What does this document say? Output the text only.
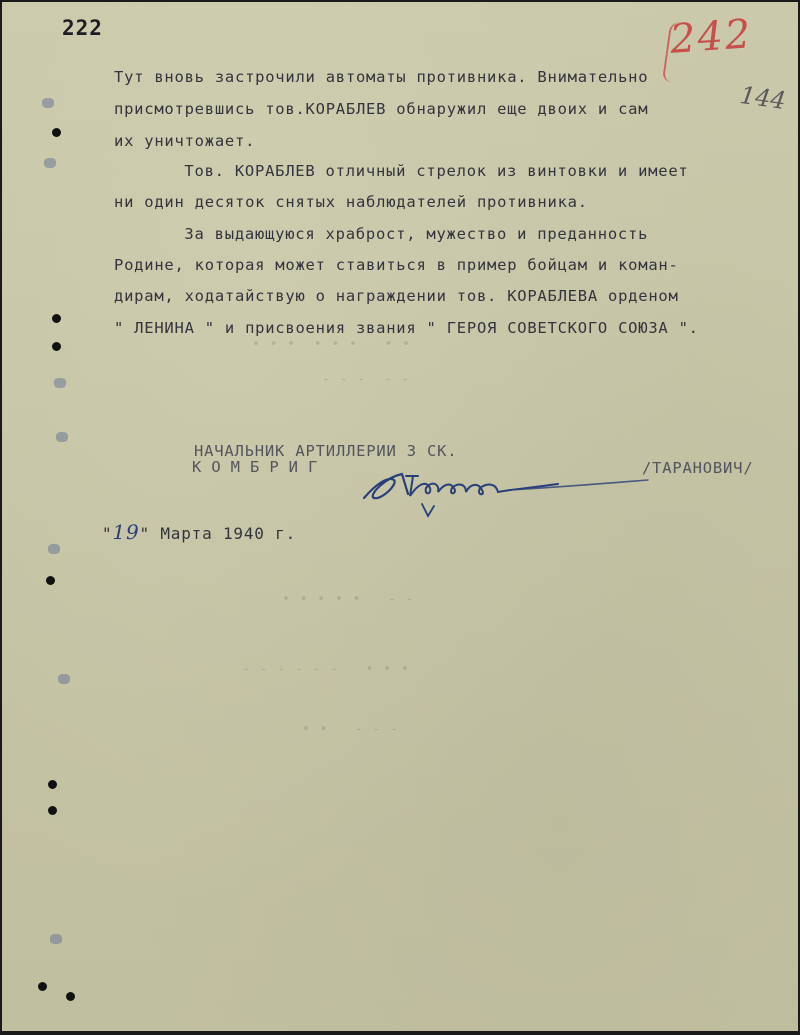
222	242
144
Тут вновь застрочили автоматы противника. Внимательно
присмотревшись тов.КОРАБЛЕВ обнаружил еще двоих и сам
их уничтожает.
Тов. КОРАБЛЕВ отличный стрелок из винтовки и имеет
ни один десяток снятых наблюдателей противника.
За выдающуюся храброст, мужество и преданность
Родине, которая может ставиться в пример бойцам и коман-
дирам, ходатайствую о награждении тов. КОРАБЛЕВА орденом
" ЛЕНИНА " и присвоения звания " ГЕРОЯ СОВЕТСКОГО СОЮЗА ".
• • •  • • •   • •
- - -  - -
• • • • •   - -
- - - - - -   • • •
• •   - - -
НАЧАЛЬНИК АРТИЛЛЕРИИ 3 СК.
КОМБРИГ	/ТАРАНОВИЧ/
"19" Марта 1940 г.
